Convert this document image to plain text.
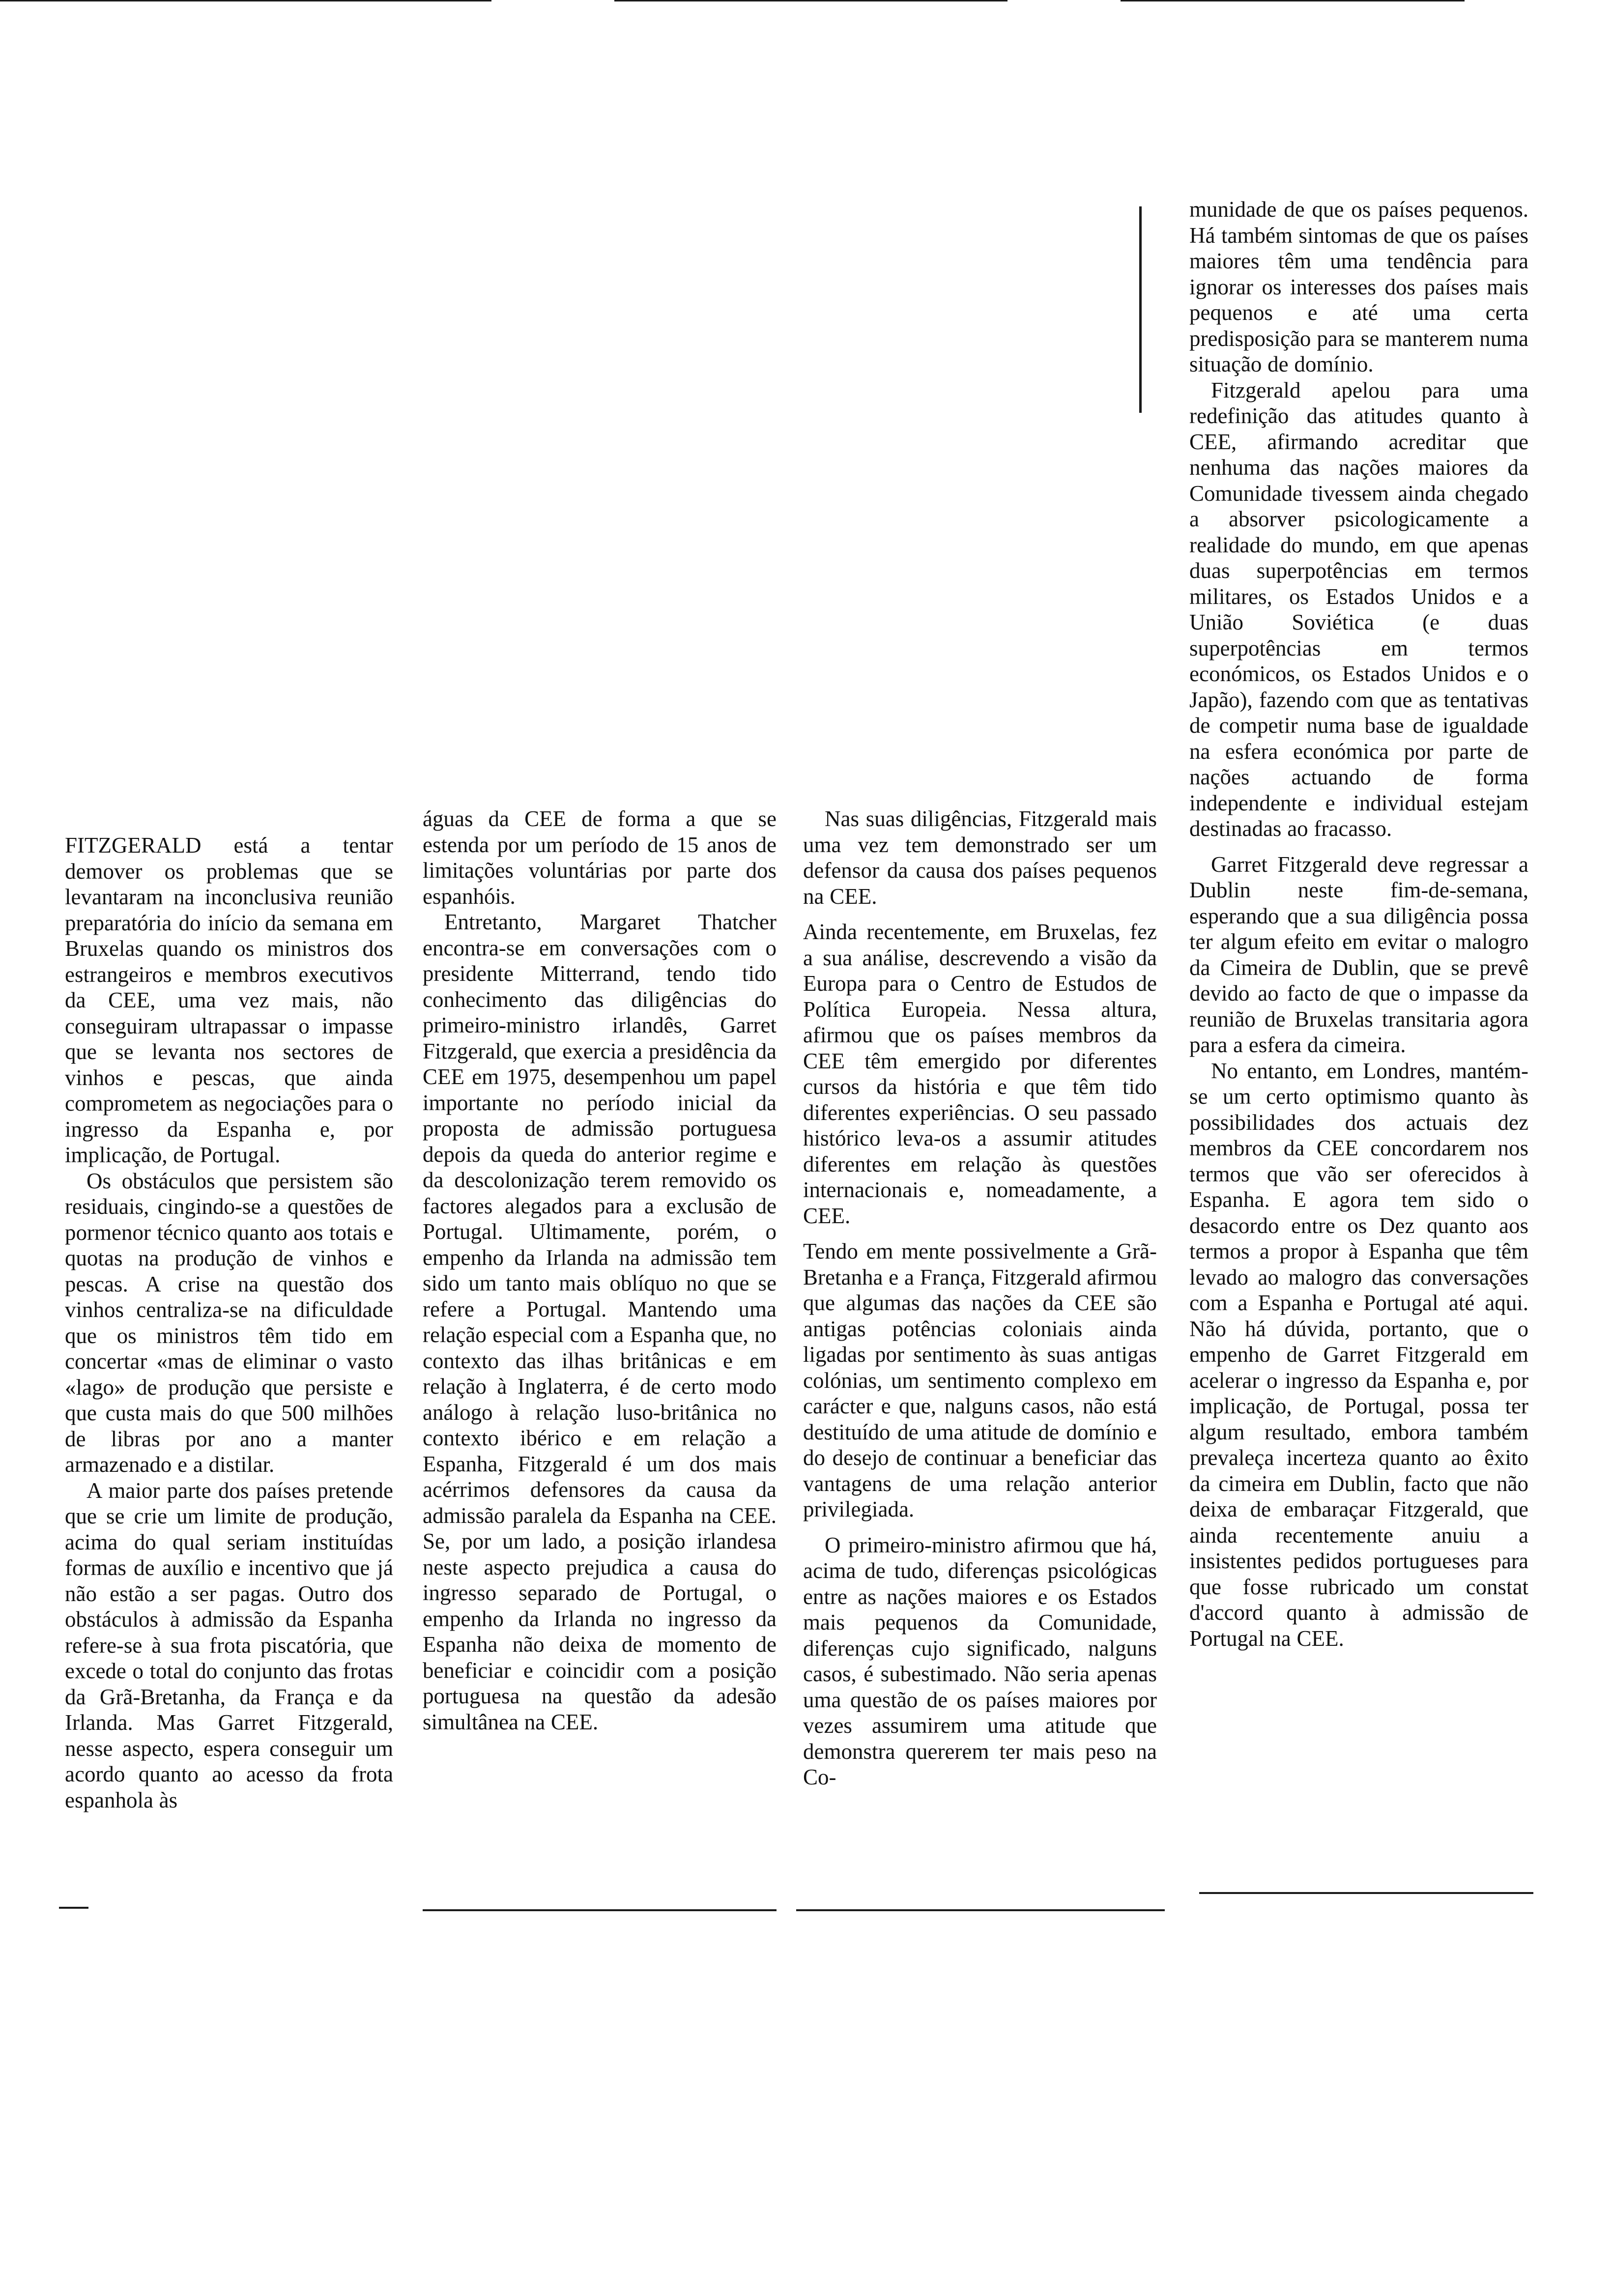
FITZGERALD está a tentar demover os problemas que se levantaram na inconclusiva reunião preparatória do início da semana em Bruxelas quando os ministros dos estrangeiros e membros executivos da CEE, uma vez mais, não conseguiram ultrapassar o impasse que se levanta nos sectores de vinhos e pescas, que ainda comprometem as negociações para o ingresso da Espanha e, por implicação, de Portugal.

Os obstáculos que persistem são residuais, cingindo-se a questões de pormenor técnico quanto aos totais e quotas na produção de vinhos e pescas. A crise na questão dos vinhos centraliza-se na dificuldade que os ministros têm tido em concertar «mas de eliminar o vasto «lago» de produção que persiste e que custa mais do que 500 milhões de libras por ano a manter armazenado e a distilar.

A maior parte dos países pretende que se crie um limite de produção, acima do qual seriam instituídas formas de auxílio e incentivo que já não estão a ser pagas. Outro dos obstáculos à admissão da Espanha refere-se à sua frota piscatória, que excede o total do conjunto das frotas da Grã-Bretanha, da França e da Irlanda. Mas Garret Fitzgerald, nesse aspecto, espera conseguir um acordo quanto ao acesso da frota espanhola às

águas da CEE de forma a que se estenda por um período de 15 anos de limitações voluntárias por parte dos espanhóis.

Entretanto, Margaret Thatcher encontra-se em conversações com o presidente Mitterrand, tendo tido conhecimento das diligências do primeiro-ministro irlandês, Garret Fitzgerald, que exercia a presidência da CEE em 1975, desempenhou um papel importante no período inicial da proposta de admissão portuguesa depois da queda do anterior regime e da descolonização terem removido os factores alegados para a exclusão de Portugal. Ultimamente, porém, o empenho da Irlanda na admissão tem sido um tanto mais oblíquo no que se refere a Portugal. Mantendo uma relação especial com a Espanha que, no contexto das ilhas britânicas e em relação à Inglaterra, é de certo modo análogo à relação luso-britânica no contexto ibérico e em relação a Espanha, Fitzgerald é um dos mais acérrimos defensores da causa da admissão paralela da Espanha na CEE. Se, por um lado, a posição irlandesa neste aspecto prejudica a causa do ingresso separado de Portugal, o empenho da Irlanda no ingresso da Espanha não deixa de momento de beneficiar e coincidir com a posição portuguesa na questão da adesão simultânea na CEE.

Nas suas diligências, Fitzgerald mais uma vez tem demonstrado ser um defensor da causa dos países pequenos na CEE.

Ainda recentemente, em Bruxelas, fez a sua análise, descrevendo a visão da Europa para o Centro de Estudos de Política Europeia. Nessa altura, afirmou que os países membros da CEE têm emergido por diferentes cursos da história e que têm tido diferentes experiências. O seu passado histórico leva-os a assumir atitudes diferentes em relação às questões internacionais e, nomeadamente, a CEE.

Tendo em mente possivelmente a Grã-Bretanha e a França, Fitzgerald afirmou que algumas das nações da CEE são antigas potências coloniais ainda ligadas por sentimento às suas antigas colónias, um sentimento complexo em carácter e que, nalguns casos, não está destituído de uma atitude de domínio e do desejo de continuar a beneficiar das vantagens de uma relação anterior privilegiada.

O primeiro-ministro afirmou que há, acima de tudo, diferenças psicológicas entre as nações maiores e os Estados mais pequenos da Comunidade, diferenças cujo significado, nalguns casos, é subestimado. Não seria apenas uma questão de os países maiores por vezes assumirem uma atitude que demonstra quererem ter mais peso na Co-

munidade de que os países pequenos. Há também sintomas de que os países maiores têm uma tendência para ignorar os interesses dos países mais pequenos e até uma certa predisposição para se manterem numa situação de domínio.

Fitzgerald apelou para uma redefinição das atitudes quanto à CEE, afirmando acreditar que nenhuma das nações maiores da Comunidade tivessem ainda chegado a absorver psicologicamente a realidade do mundo, em que apenas duas superpotências em termos militares, os Estados Unidos e a União Soviética (e duas superpotências em termos económicos, os Estados Unidos e o Japão), fazendo com que as tentativas de competir numa base de igualdade na esfera económica por parte de nações actuando de forma independente e individual estejam destinadas ao fracasso.

Garret Fitzgerald deve regressar a Dublin neste fim-de-semana, esperando que a sua diligência possa ter algum efeito em evitar o malogro da Cimeira de Dublin, que se prevê devido ao facto de que o impasse da reunião de Bruxelas transitaria agora para a esfera da cimeira.

No entanto, em Londres, mantém-se um certo optimismo quanto às possibilidades dos actuais dez membros da CEE concordarem nos termos que vão ser oferecidos à Espanha. E agora tem sido o desacordo entre os Dez quanto aos termos a propor à Espanha que têm levado ao malogro das conversações com a Espanha e Portugal até aqui. Não há dúvida, portanto, que o empenho de Garret Fitzgerald em acelerar o ingresso da Espanha e, por implicação, de Portugal, possa ter algum resultado, embora também prevaleça incerteza quanto ao êxito da cimeira em Dublin, facto que não deixa de embaraçar Fitzgerald, que ainda recentemente anuiu a insistentes pedidos portugueses para que fosse rubricado um constat d'accord quanto à admissão de Portugal na CEE.
